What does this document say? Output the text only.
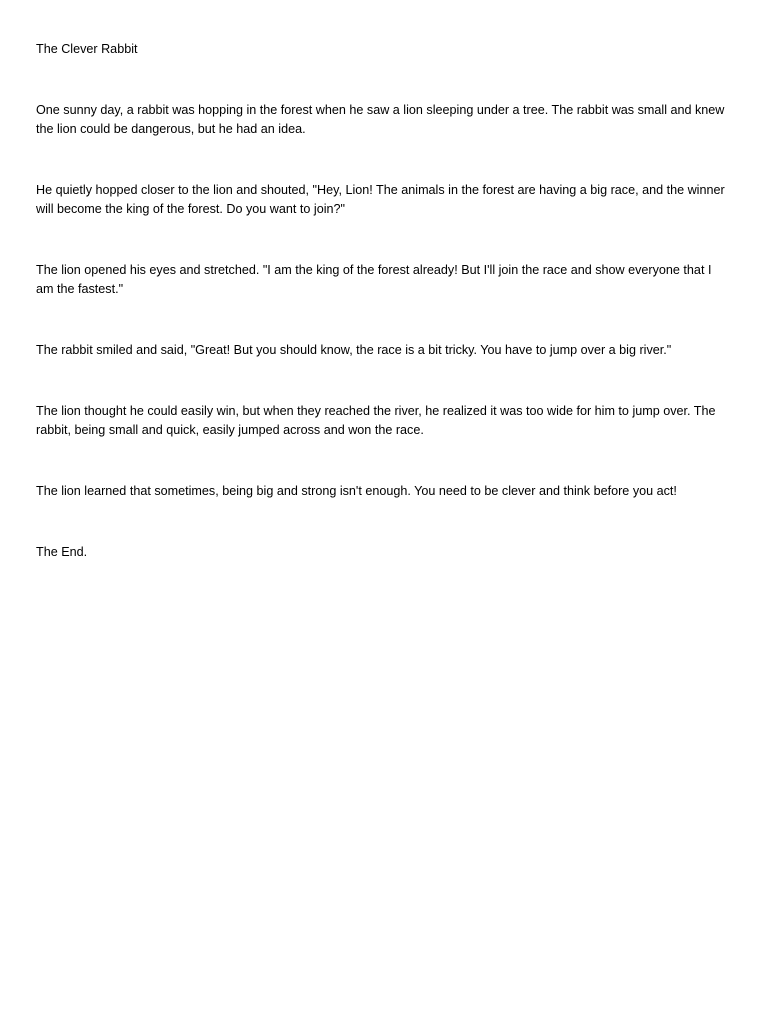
The Clever Rabbit

One sunny day, a rabbit was hopping in the forest when he saw a lion sleeping under a tree. The rabbit was small and knew the lion could be dangerous, but he had an idea.

He quietly hopped closer to the lion and shouted, "Hey, Lion! The animals in the forest are having a big race, and the winner will become the king of the forest. Do you want to join?"

The lion opened his eyes and stretched. "I am the king of the forest already! But I'll join the race and show everyone that I am the fastest."

The rabbit smiled and said, "Great! But you should know, the race is a bit tricky. You have to jump over a big river."

The lion thought he could easily win, but when they reached the river, he realized it was too wide for him to jump over. The rabbit, being small and quick, easily jumped across and won the race.

The lion learned that sometimes, being big and strong isn't enough. You need to be clever and think before you act!

The End.
